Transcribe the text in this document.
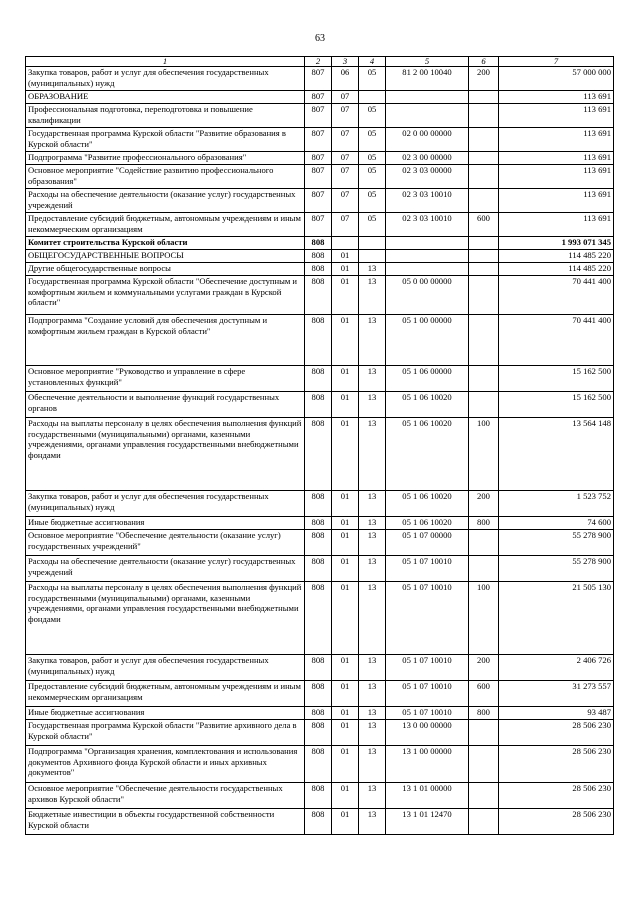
63
1	2	3	4	5	6	7
Закупка товаров, работ и услуг для обеспечения государственных (муниципальных) нужд	807	06	05	81 2 00 10040	200	57 000 000
ОБРАЗОВАНИЕ	807	07				113 691
Профессиональная подготовка, переподготовка и повышение квалификации	807	07	05			113 691
Государственная программа Курской области "Развитие образования в Курской области"	807	07	05	02 0 00 00000		113 691
Подпрограмма "Развитие профессионального образования"	807	07	05	02 3 00 00000		113 691
Основное мероприятие "Содействие развитию профессионального образования"	807	07	05	02 3 03 00000		113 691
Расходы на обеспечение деятельности (оказание услуг) государственных учреждений	807	07	05	02 3 03 10010		113 691
Предоставление субсидий бюджетным, автономным учреждениям и иным некоммерческим организациям	807	07	05	02 3 03 10010	600	113 691
Комитет строительства Курской области	808					1 993 071 345
ОБЩЕГОСУДАРСТВЕННЫЕ ВОПРОСЫ	808	01				114 485 220
Другие общегосударственные вопросы	808	01	13			114 485 220
Государственная программа Курской области "Обеспечение доступным и комфортным жильем и коммунальными услугами граждан в Курской области"	808	01	13	05 0 00 00000		70 441 400
Подпрограмма "Создание условий для обеспечения доступным и комфортным жильем граждан в Курской области"	808	01	13	05 1 00 00000		70 441 400
Основное мероприятие "Руководство и управление в сфере установленных функций"	808	01	13	05 1 06 00000		15 162 500
Обеспечение деятельности и выполнение функций государственных органов	808	01	13	05 1 06 10020		15 162 500
Расходы на выплаты персоналу в целях обеспечения выполнения функций государственными (муниципальными) органами, казенными учреждениями, органами управления государственными внебюджетными фондами	808	01	13	05 1 06 10020	100	13 564 148
Закупка товаров, работ и услуг для обеспечения государственных (муниципальных) нужд	808	01	13	05 1 06 10020	200	1 523 752
Иные бюджетные ассигнования	808	01	13	05 1 06 10020	800	74 600
Основное мероприятие "Обеспечение деятельности (оказание услуг) государственных учреждений"	808	01	13	05 1 07 00000		55 278 900
Расходы на обеспечение деятельности (оказание услуг) государственных учреждений	808	01	13	05 1 07 10010		55 278 900
Расходы на выплаты персоналу в целях обеспечения выполнения функций государственными (муниципальными) органами, казенными учреждениями, органами управления государственными внебюджетными фондами	808	01	13	05 1 07 10010	100	21 505 130
Закупка товаров, работ и услуг для обеспечения государственных (муниципальных) нужд	808	01	13	05 1 07 10010	200	2 406 726
Предоставление субсидий бюджетным, автономным учреждениям и иным некоммерческим организациям	808	01	13	05 1 07 10010	600	31 273 557
Иные бюджетные ассигнования	808	01	13	05 1 07 10010	800	93 487
Государственная программа Курской области "Развитие архивного дела в Курской области"	808	01	13	13 0 00 00000		28 506 230
Подпрограмма "Организация хранения, комплектования и использования документов Архивного фонда Курской области и иных архивных документов"	808	01	13	13 1 00 00000		28 506 230
Основное мероприятие "Обеспечение деятельности государственных архивов Курской области"	808	01	13	13 1 01 00000		28 506 230
Бюджетные инвестиции в объекты государственной собственности Курской области	808	01	13	13 1 01 12470		28 506 230
